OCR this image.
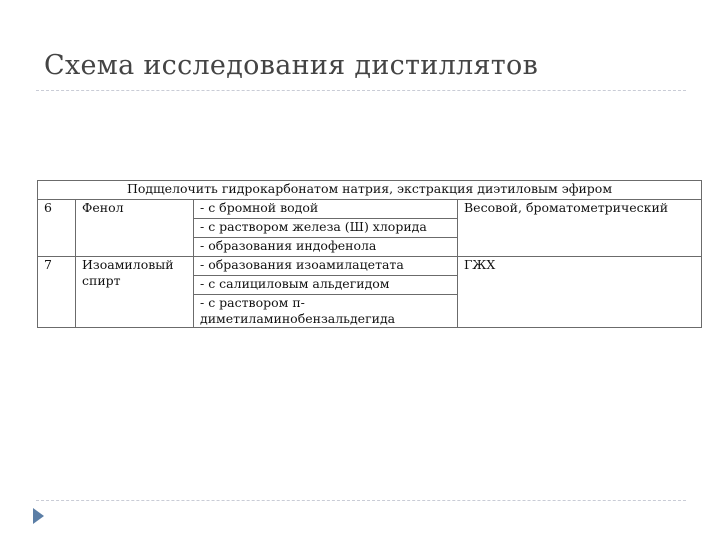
Схема исследования дистиллятов
Подщелочить гидрокарбонатом натрия, экстракция диэтиловым эфиром			
6	Фенол	- с бромной водой	Весовой, броматометрический
		- с раствором железа (Ш) хлорида	
		- образования индофенола	
7	Изоамиловый спирт	- образования изоамилацетата	ГЖХ
		- с салициловым альдегидом	
		- с раствором п-диметиламинобензальдегида	
